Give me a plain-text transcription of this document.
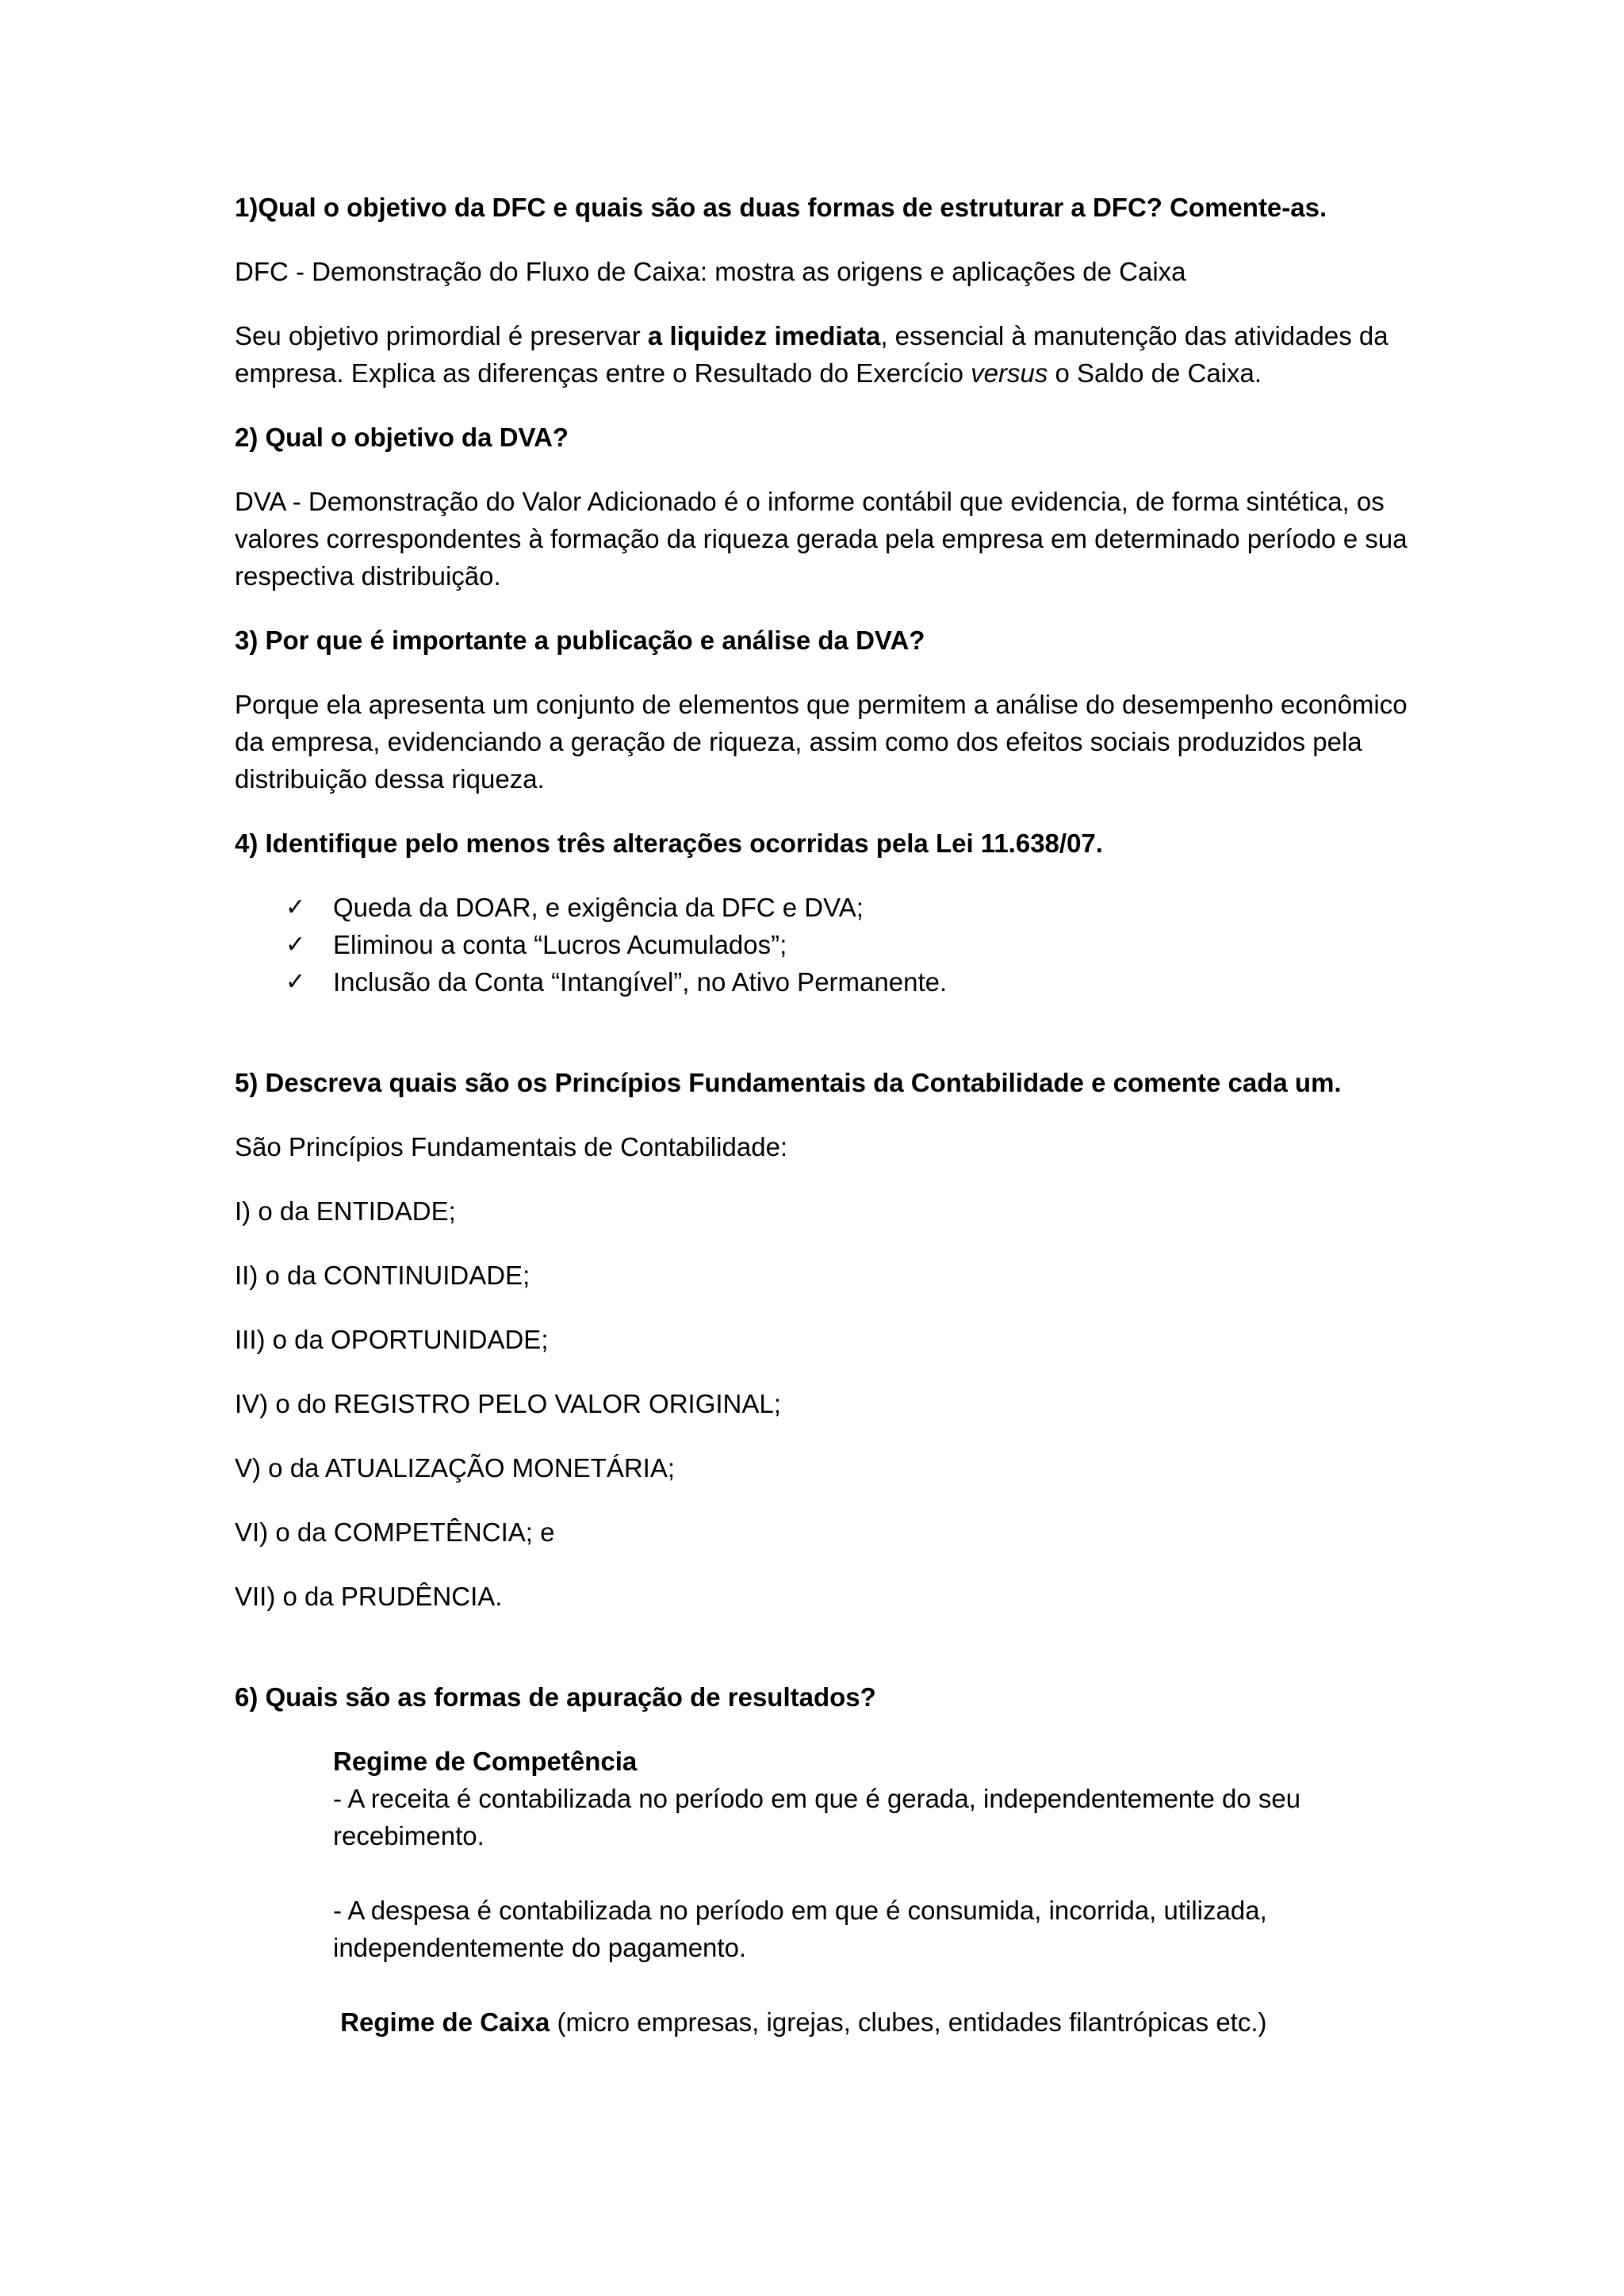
1)Qual o objetivo da DFC e quais são as duas formas de estruturar a DFC? Comente-as.
DFC - Demonstração do Fluxo de Caixa: mostra as origens e aplicações de Caixa
Seu objetivo primordial é preservar a liquidez imediata, essencial à manutenção das atividades da empresa. Explica as diferenças entre o Resultado do Exercício versus o Saldo de Caixa.
2) Qual o objetivo da DVA?
DVA - Demonstração do Valor Adicionado é o informe contábil que evidencia, de forma sintética, os valores correspondentes à formação da riqueza gerada pela empresa em determinado período e sua respectiva distribuição.
3) Por que é importante a publicação e análise da DVA?
Porque ela apresenta um conjunto de elementos que permitem a análise do desempenho econômico da empresa, evidenciando a geração de riqueza, assim como dos efeitos sociais produzidos pela distribuição dessa riqueza.
4) Identifique pelo menos três alterações ocorridas pela Lei 11.638/07.
✓ Queda da DOAR, e exigência da DFC e DVA;
✓ Eliminou a conta “Lucros Acumulados”;
✓ Inclusão da Conta “Intangível”, no Ativo Permanente.
5) Descreva quais são os Princípios Fundamentais da Contabilidade e comente cada um.
São Princípios Fundamentais de Contabilidade:
I) o da ENTIDADE;
II) o da CONTINUIDADE;
III) o da OPORTUNIDADE;
IV) o do REGISTRO PELO VALOR ORIGINAL;
V) o da ATUALIZAÇÃO MONETÁRIA;
VI) o da COMPETÊNCIA; e
VII) o da PRUDÊNCIA.
6) Quais são as formas de apuração de resultados?
Regime de Competência
- A receita é contabilizada no período em que é gerada, independentemente do seu recebimento.
- A despesa é contabilizada no período em que é consumida, incorrida, utilizada, independentemente do pagamento.
Regime de Caixa (micro empresas, igrejas, clubes, entidades filantrópicas etc.)
